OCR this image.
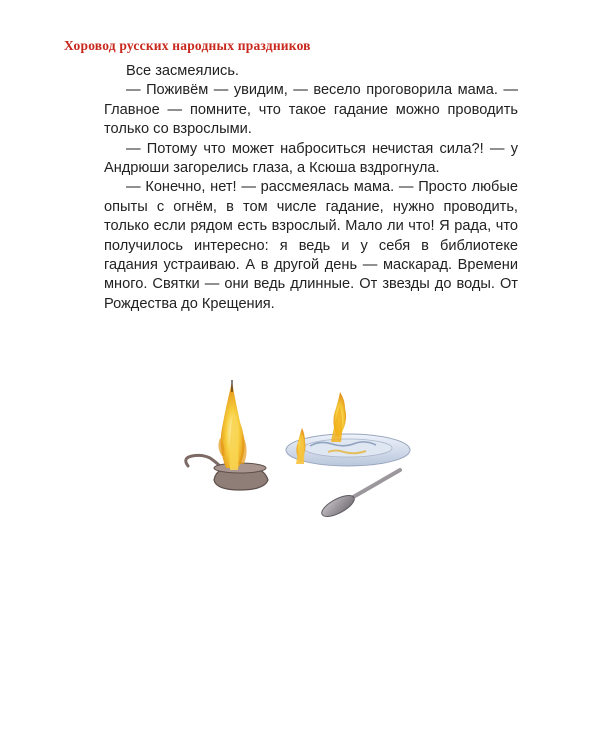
Хоровод русских народных праздников

Все засмеялись.

— Поживём — увидим, — весело проговорила мама. — Главное — помните, что такое гадание можно проводить только со взрослыми.

— Потому что может наброситься нечистая сила?! — у Андрюши загорелись глаза, а Ксюша вздрогнула.

— Конечно, нет! — рассмеялась мама. — Просто любые опыты с огнём, в том числе гадание, нужно проводить, только если рядом есть взрослый. Мало ли что! Я рада, что получилось интересно: я ведь и у себя в библиотеке гадания устраиваю. А в другой день — маскарад. Времени много. Святки — они ведь длинные. От звезды до воды. От Рождества до Крещения.
